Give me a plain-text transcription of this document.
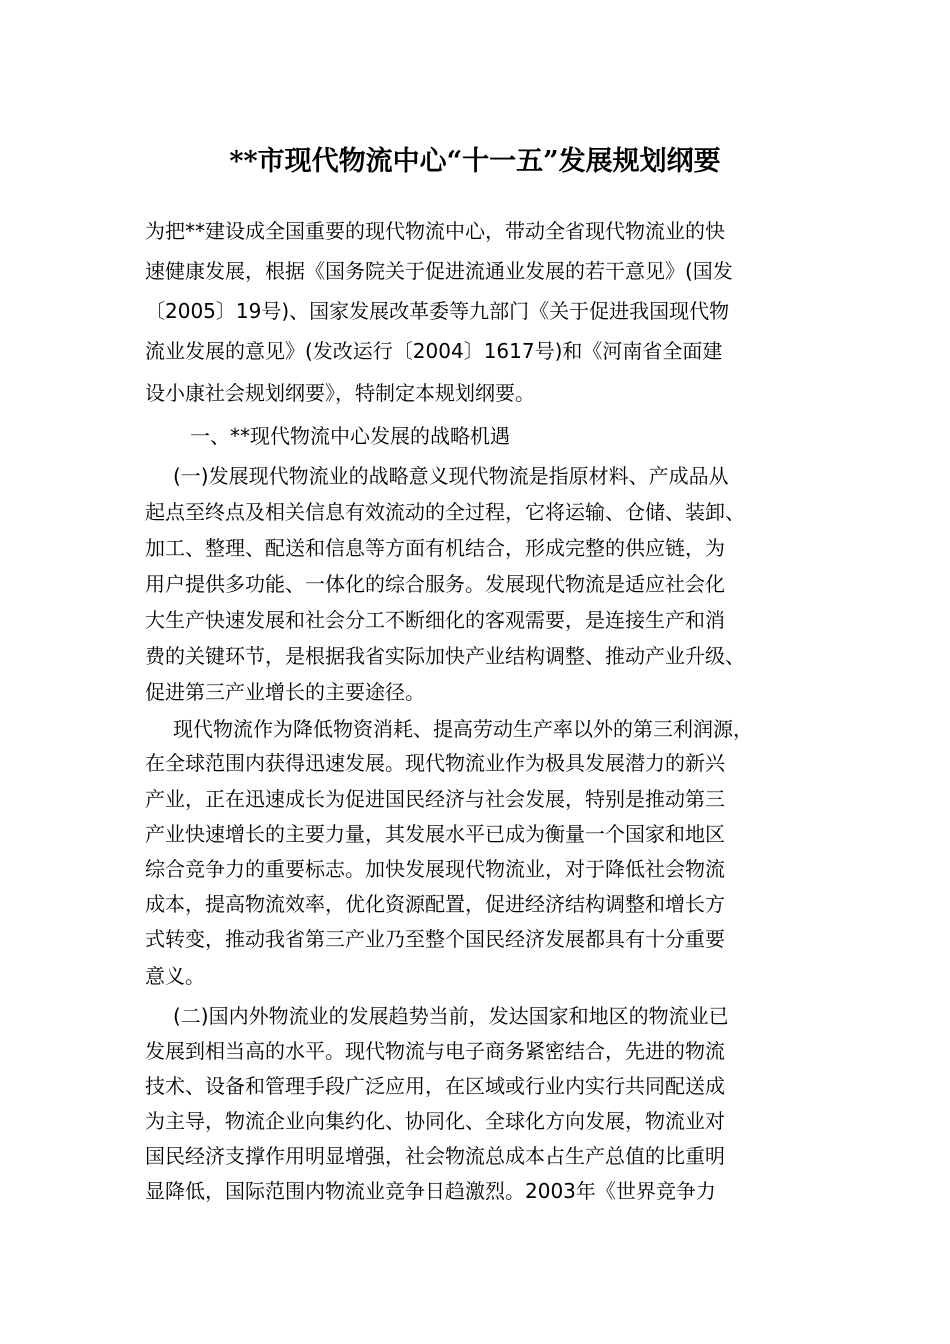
**市现代物流中心“十一五”发展规划纲要
为把**建设成全国重要的现代物流中心，带动全省现代物流业的快
速健康发展，根据《国务院关于促进流通业发展的若干意见》(国发
〔2005〕19号)、国家发展改革委等九部门《关于促进我国现代物
流业发展的意见》(发改运行〔2004〕1617号)和《河南省全面建
设小康社会规划纲要》，特制定本规划纲要。
一、**现代物流中心发展的战略机遇
(一)发展现代物流业的战略意义现代物流是指原材料、产成品从
起点至终点及相关信息有效流动的全过程，它将运输、仓储、装卸、
加工、整理、配送和信息等方面有机结合，形成完整的供应链，为
用户提供多功能、一体化的综合服务。发展现代物流是适应社会化
大生产快速发展和社会分工不断细化的客观需要，是连接生产和消
费的关键环节，是根据我省实际加快产业结构调整、推动产业升级、
促进第三产业增长的主要途径。
现代物流作为降低物资消耗、提高劳动生产率以外的第三利润源，
在全球范围内获得迅速发展。现代物流业作为极具发展潜力的新兴
产业，正在迅速成长为促进国民经济与社会发展，特别是推动第三
产业快速增长的主要力量，其发展水平已成为衡量一个国家和地区
综合竞争力的重要标志。加快发展现代物流业，对于降低社会物流
成本，提高物流效率，优化资源配置，促进经济结构调整和增长方
式转变，推动我省第三产业乃至整个国民经济发展都具有十分重要
意义。
(二)国内外物流业的发展趋势当前，发达国家和地区的物流业已
发展到相当高的水平。现代物流与电子商务紧密结合，先进的物流
技术、设备和管理手段广泛应用，在区域或行业内实行共同配送成
为主导，物流企业向集约化、协同化、全球化方向发展，物流业对
国民经济支撑作用明显增强，社会物流总成本占生产总值的比重明
显降低，国际范围内物流业竞争日趋激烈。2003年《世界竞争力
